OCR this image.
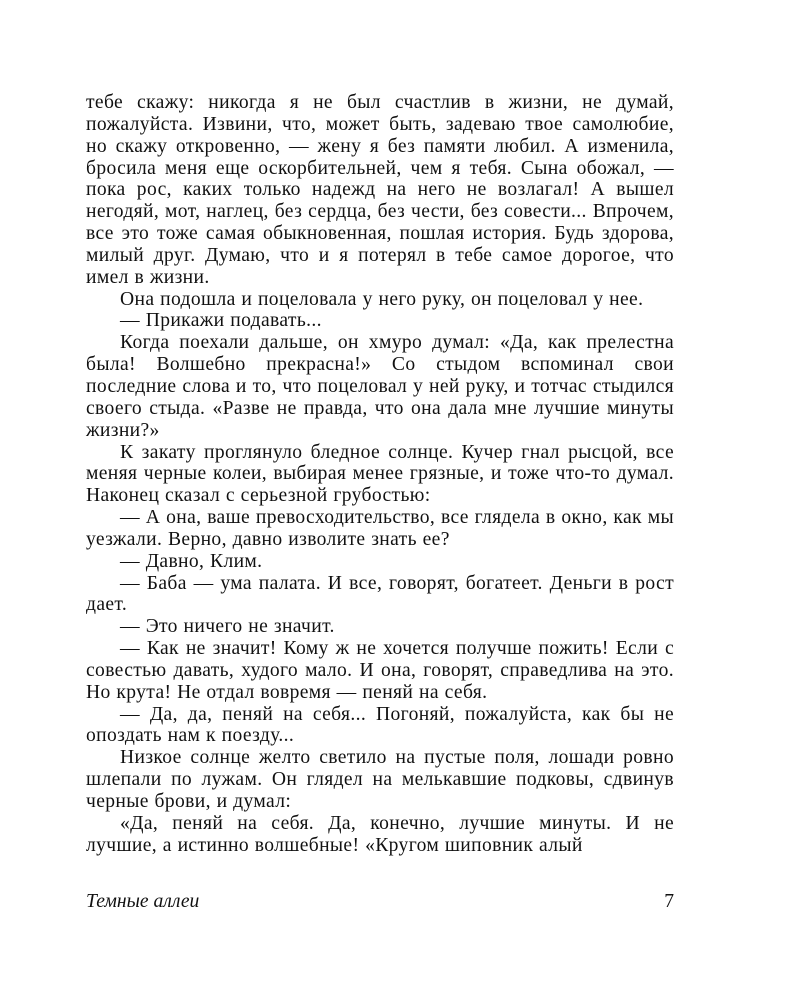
тебе скажу: никогда я не был счастлив в жизни, не думай, пожалуйста. Извини, что, может быть, задеваю твое самолюбие, но скажу откровенно, — жену я без памяти любил. А изменила, бросила меня еще оскорбительней, чем я тебя. Сына обожал, — пока рос, каких только надежд на него не возлагал! А вышел негодяй, мот, наглец, без сердца, без чести, без совести... Впрочем, все это тоже самая обыкновенная, пошлая история. Будь здорова, милый друг. Думаю, что и я потерял в тебе самое дорогое, что имел в жизни.

Она подошла и поцеловала у него руку, он поцеловал у нее.

— Прикажи подавать...

Когда поехали дальше, он хмуро думал: «Да, как прелестна была! Волшебно прекрасна!» Со стыдом вспоминал свои последние слова и то, что поцеловал у ней руку, и тотчас стыдился своего стыда. «Разве не правда, что она дала мне лучшие минуты жизни?»

К закату проглянуло бледное солнце. Кучер гнал рысцой, все меняя черные колеи, выбирая менее грязные, и тоже что-то думал. Наконец сказал с серьезной грубостью:

— А она, ваше превосходительство, все глядела в окно, как мы уезжали. Верно, давно изволите знать ее?

— Давно, Клим.

— Баба — ума палата. И все, говорят, богатеет. Деньги в рост дает.

— Это ничего не значит.

— Как не значит! Кому ж не хочется получше пожить! Если с совестью давать, худого мало. И она, говорят, справедлива на это. Но крута! Не отдал вовремя — пеняй на себя.

— Да, да, пеняй на себя... Погоняй, пожалуйста, как бы не опоздать нам к поезду...

Низкое солнце желто светило на пустые поля, лошади ровно шлепали по лужам. Он глядел на мелькавшие подковы, сдвинув черные брови, и думал:

«Да, пеняй на себя. Да, конечно, лучшие минуты. И не лучшие, а истинно волшебные! «Кругом шиповник алый

Темные аллеи	7
